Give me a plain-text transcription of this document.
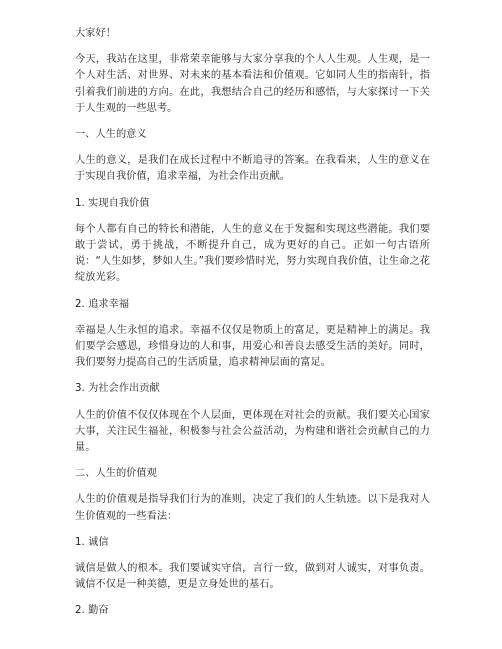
大家好！

今天，我站在这里，非常荣幸能够与大家分享我的个人人生观。人生观，是一个人对生活、对世界、对未来的基本看法和价值观。它如同人生的指南针，指引着我们前进的方向。在此，我想结合自己的经历和感悟，与大家探讨一下关于人生观的一些思考。

一、人生的意义

人生的意义，是我们在成长过程中不断追寻的答案。在我看来，人生的意义在于实现自我价值，追求幸福，为社会作出贡献。

1. 实现自我价值

每个人都有自己的特长和潜能，人生的意义在于发掘和实现这些潜能。我们要敢于尝试，勇于挑战，不断提升自己，成为更好的自己。正如一句古语所说：“人生如梦，梦如人生。”我们要珍惜时光，努力实现自我价值，让生命之花绽放光彩。

2. 追求幸福

幸福是人生永恒的追求。幸福不仅仅是物质上的富足，更是精神上的满足。我们要学会感恩，珍惜身边的人和事，用爱心和善良去感受生活的美好。同时，我们要努力提高自己的生活质量，追求精神层面的富足。

3. 为社会作出贡献

人生的价值不仅仅体现在个人层面，更体现在对社会的贡献。我们要关心国家大事，关注民生福祉，积极参与社会公益活动，为构建和谐社会贡献自己的力量。

二、人生的价值观

人生的价值观是指导我们行为的准则，决定了我们的人生轨迹。以下是我对人生价值观的一些看法：

1. 诚信

诚信是做人的根本。我们要诚实守信，言行一致，做到对人诚实，对事负责。诚信不仅是一种美德，更是立身处世的基石。

2. 勤奋
